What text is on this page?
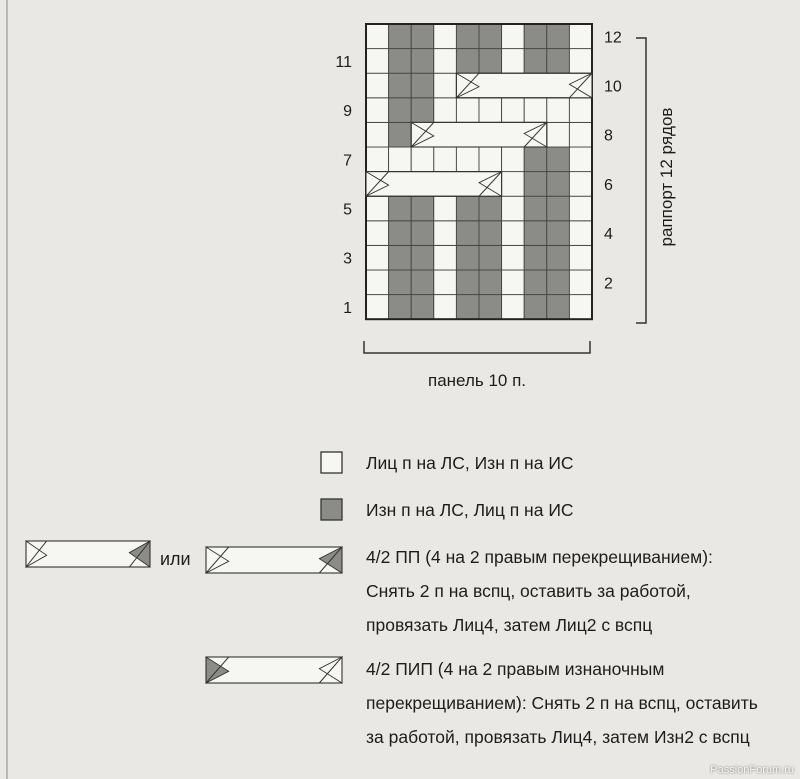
1
3
5
7
9
11
2
4
6
8
10
12
раппорт 12 рядов
панель 10 п.
или
Лиц п на ЛС, Изн п на ИС
Изн п на ЛС, Лиц п на ИС
4/2 ПП (4 на 2 правым перекрещиванием):
Снять 2 п на вспц, оставить за работой,
провязать Лиц4, затем Лиц2 с вспц
4/2 ПИП (4 на 2 правым изнаночным
перекрещиванием): Снять 2 п на вспц, оставить
за работой, провязать Лиц4, затем Изн2 с вспц
PassionForum.ru
